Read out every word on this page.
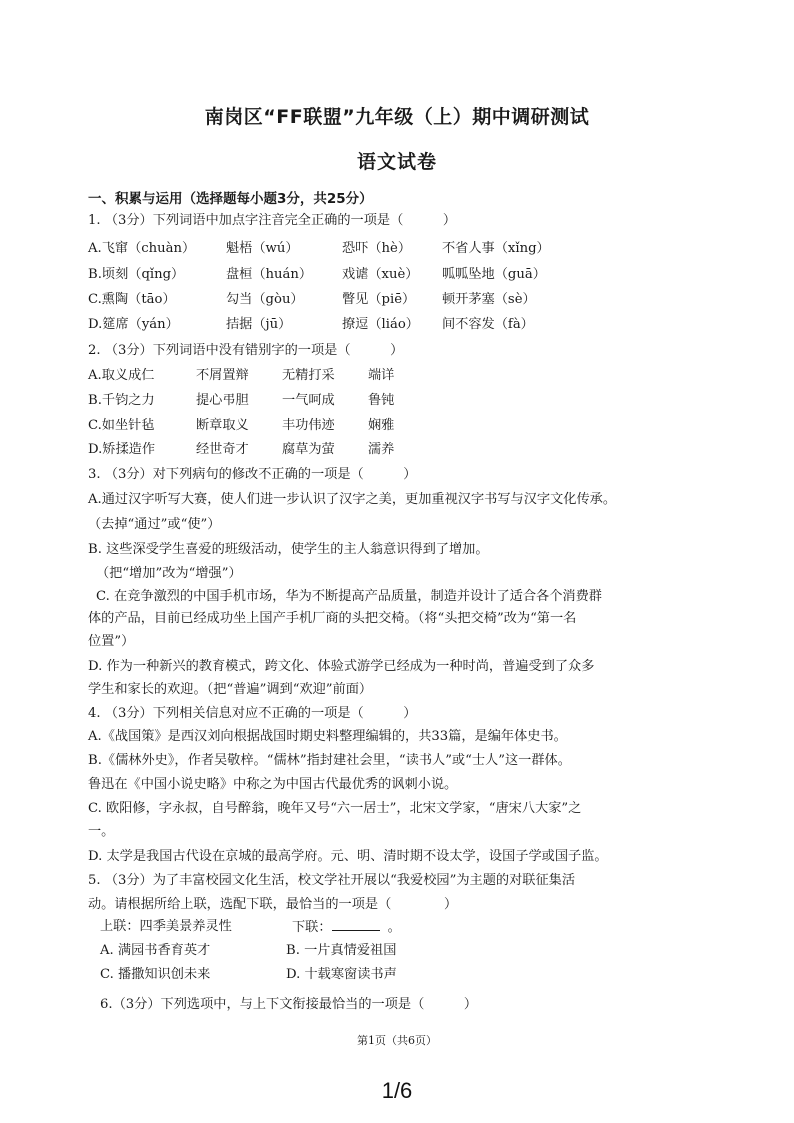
南岗区“FF联盟”九年级（上）期中调研测试
语文试卷
一、积累与运用（选择题每小题3分，共25分）
1. （3分）下列词语中加点字注音完全正确的一项是（　　　）
A.飞窜（chuàn） 魁梧（wú）	恐吓（hè） 不省人事（xǐng）
B.顷刻（qǐng）	盘桓（huán） 戏谑（xuè） 呱呱坠地（guā）
C.熏陶（tāo）	勾当（gòu）	瞥见（piē） 顿开茅塞（sè）
D.筵席（yán）	拮据（jū）	撩逗（liáo） 间不容发（fà）
2. （3分）下列词语中没有错别字的一项是（　　　）
A.取义成仁	不屑置辩	无精打采	端详
B.千钧之力	提心弔胆	一气呵成	鲁钝
C.如坐针毡	断章取义	丰功伟迹	娴雅
D.矫揉造作	经世奇才	腐草为萤	濡养
3. （3分）对下列病句的修改不正确的一项是（　　　）
A.通过汉字听写大赛，使人们进一步认识了汉字之美，更加重视汉字书写与汉字文化传承。
（去掉“通过”或“使”）
B. 这些深受学生喜爱的班级活动，使学生的主人翁意识得到了增加。
（把“增加”改为“增强”）
C. 在竞争激烈的中国手机市场，华为不断提高产品质量，制造并设计了适合各个消费群
体的产品，目前已经成功坐上国产手机厂商的头把交椅。（将“头把交椅”改为“第一名
位置”）
D. 作为一种新兴的教育模式，跨文化、体验式游学已经成为一种时尚，普遍受到了众多
学生和家长的欢迎。（把“普遍”调到“欢迎”前面）
4. （3分）下列相关信息对应不正确的一项是（　　　）
A.《战国策》是西汉刘向根据战国时期史料整理编辑的，共33篇，是编年体史书。
B.《儒林外史》，作者吴敬梓。“儒林”指封建社会里，“读书人”或“士人”这一群体。
鲁迅在《中国小说史略》中称之为中国古代最优秀的讽刺小说。
C. 欧阳修，字永叔，自号醉翁，晚年又号“六一居士”，北宋文学家，“唐宋八大家”之
一。
D. 太学是我国古代设在京城的最高学府。元、明、清时期不设太学，设国子学或国子监。
5. （3分）为了丰富校园文化生活，校文学社开展以“我爱校园”为主题的对联征集活
动。请根据所给上联，选配下联，最恰当的一项是（　　　　）
上联：四季美景养灵性	下联：	。
A. 满园书香育英才	B. 一片真情爱祖国
C. 播撒知识创未来	D. 十载寒窗读书声
6.（3分）下列选项中，与上下文衔接最恰当的一项是（　　　）
第1页（共6页）
1/6
